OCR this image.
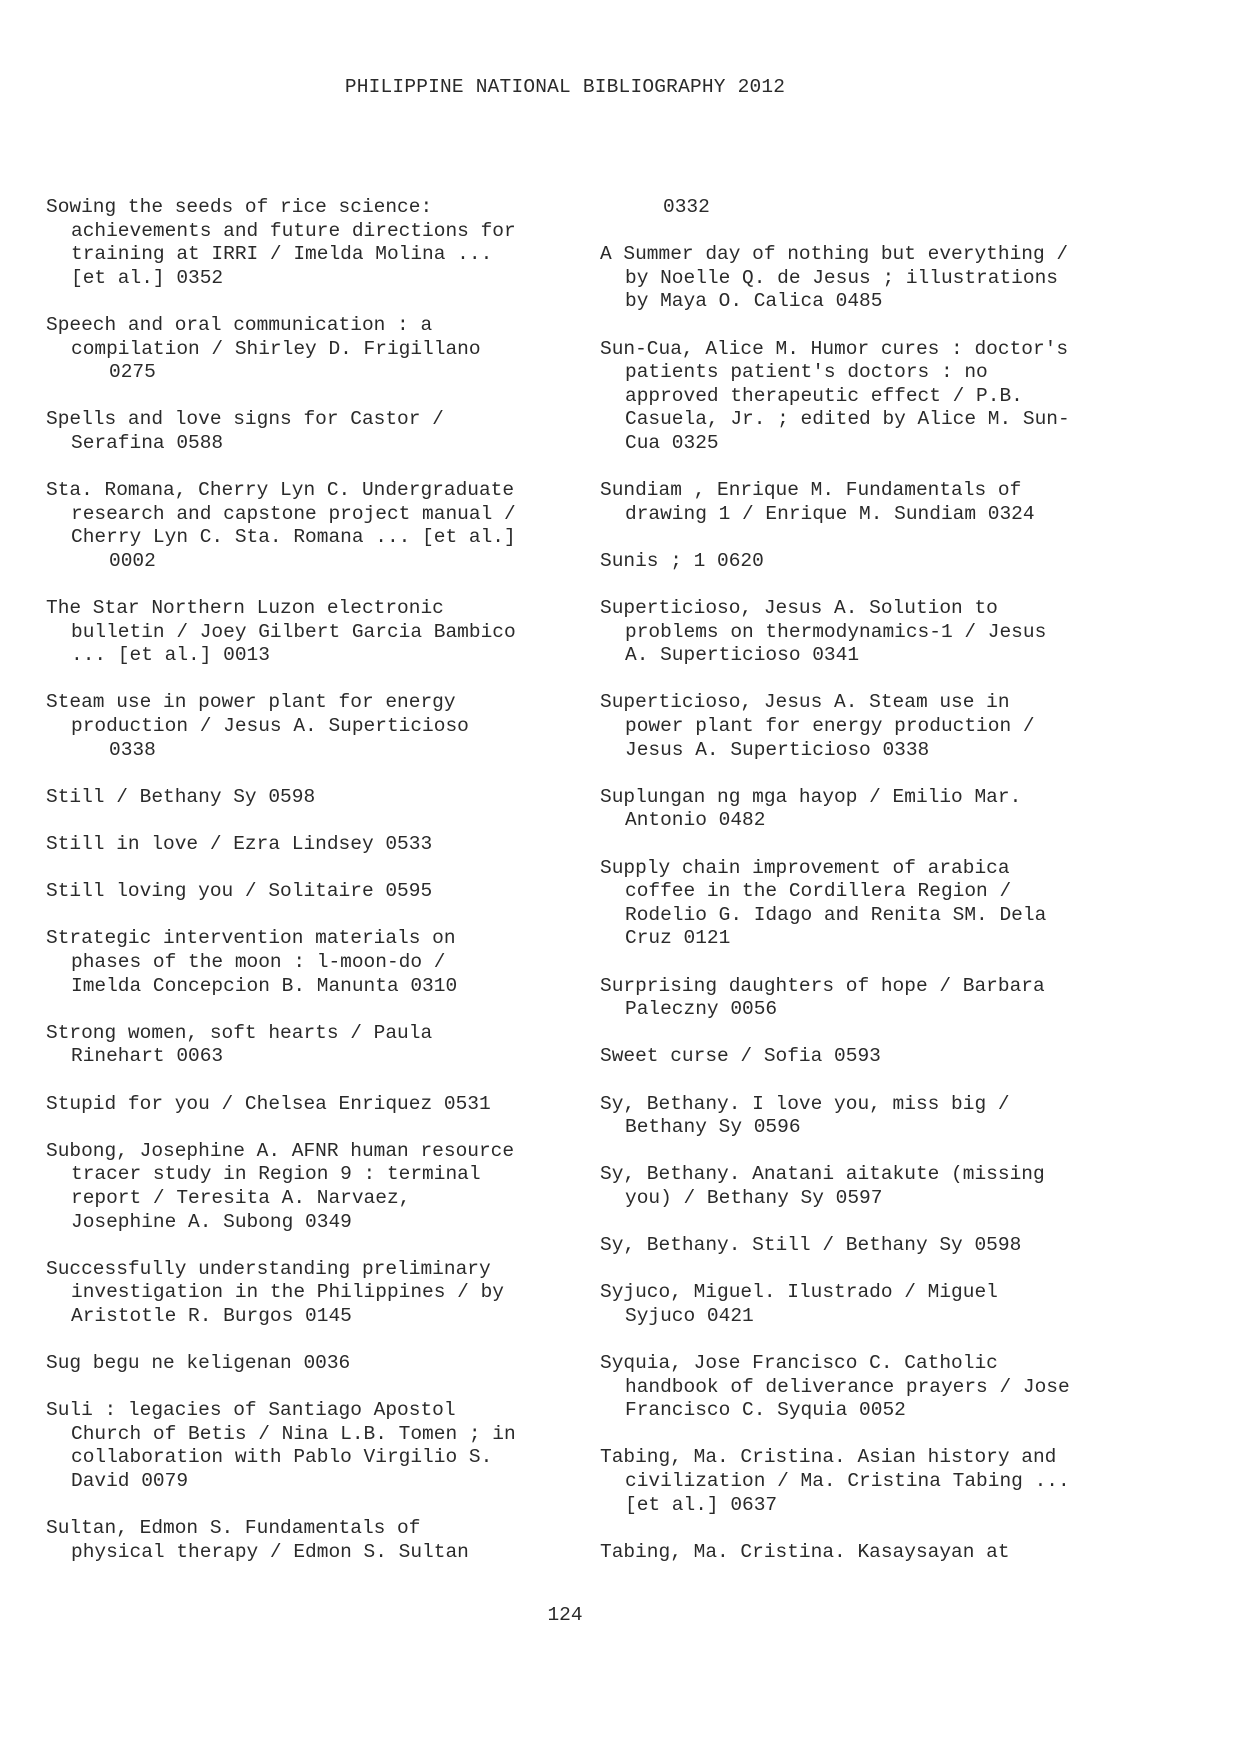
PHILIPPINE NATIONAL BIBLIOGRAPHY 2012
Sowing the seeds of rice science:
achievements and future directions for
training at IRRI / Imelda Molina ...
[et al.] 0352
Speech and oral communication : a
compilation / Shirley D. Frigillano
0275
Spells and love signs for Castor /
Serafina 0588
Sta. Romana, Cherry Lyn C. Undergraduate
research and capstone project manual /
Cherry Lyn C. Sta. Romana ... [et al.]
0002
The Star Northern Luzon electronic
bulletin / Joey Gilbert Garcia Bambico
... [et al.] 0013
Steam use in power plant for energy
production / Jesus A. Superticioso
0338
Still / Bethany Sy 0598
Still in love / Ezra Lindsey 0533
Still loving you / Solitaire 0595
Strategic intervention materials on
phases of the moon : l-moon-do /
Imelda Concepcion B. Manunta 0310
Strong women, soft hearts / Paula
Rinehart 0063
Stupid for you / Chelsea Enriquez 0531
Subong, Josephine A. AFNR human resource
tracer study in Region 9 : terminal
report / Teresita A. Narvaez,
Josephine A. Subong 0349
Successfully understanding preliminary
investigation in the Philippines / by
Aristotle R. Burgos 0145
Sug begu ne keligenan 0036
Suli : legacies of Santiago Apostol
Church of Betis / Nina L.B. Tomen ; in
collaboration with Pablo Virgilio S.
David 0079
Sultan, Edmon S. Fundamentals of
physical therapy / Edmon S. Sultan
0332
A Summer day of nothing but everything /
by Noelle Q. de Jesus ; illustrations
by Maya O. Calica 0485
Sun-Cua, Alice M. Humor cures : doctor's
patients patient's doctors : no
approved therapeutic effect / P.B.
Casuela, Jr. ; edited by Alice M. Sun-
Cua 0325
Sundiam , Enrique M. Fundamentals of
drawing 1 / Enrique M. Sundiam 0324
Sunis ; 1 0620
Superticioso, Jesus A. Solution to
problems on thermodynamics-1 / Jesus
A. Superticioso 0341
Superticioso, Jesus A. Steam use in
power plant for energy production /
Jesus A. Superticioso 0338
Suplungan ng mga hayop / Emilio Mar.
Antonio 0482
Supply chain improvement of arabica
coffee in the Cordillera Region /
Rodelio G. Idago and Renita SM. Dela
Cruz 0121
Surprising daughters of hope / Barbara
Paleczny 0056
Sweet curse / Sofia 0593
Sy, Bethany. I love you, miss big /
Bethany Sy 0596
Sy, Bethany. Anatani aitakute (missing
you) / Bethany Sy 0597
Sy, Bethany. Still / Bethany Sy 0598
Syjuco, Miguel. Ilustrado / Miguel
Syjuco 0421
Syquia, Jose Francisco C. Catholic
handbook of deliverance prayers / Jose
Francisco C. Syquia 0052
Tabing, Ma. Cristina. Asian history and
civilization / Ma. Cristina Tabing ...
[et al.] 0637
Tabing, Ma. Cristina. Kasaysayan at
124
